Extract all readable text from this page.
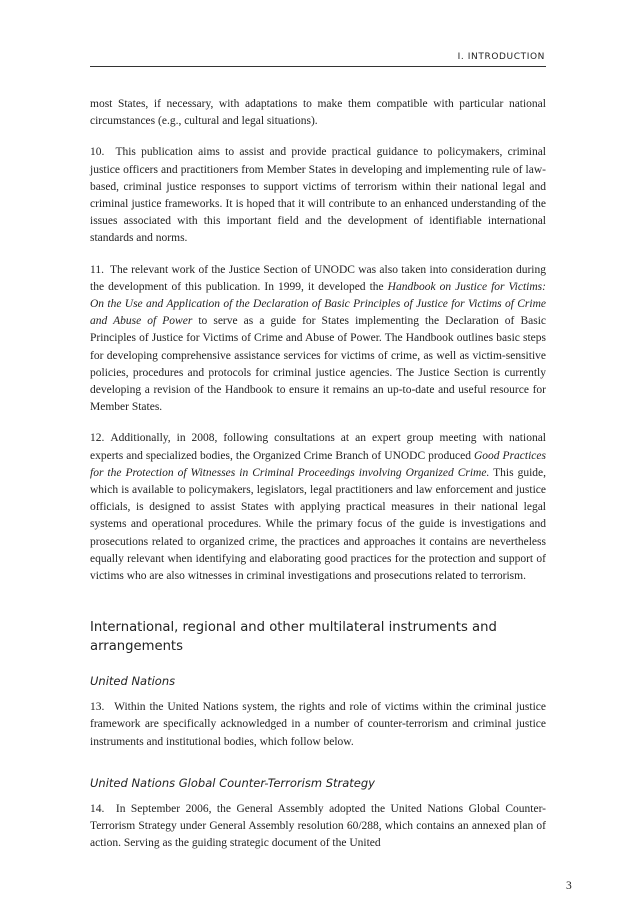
I. INTRODUCTION

most States, if necessary, with adaptations to make them compatible with particular national circumstances (e.g., cultural and legal situations).

10. This publication aims to assist and provide practical guidance to policymakers, criminal justice officers and practitioners from Member States in developing and implementing rule of law-based, criminal justice responses to support victims of terrorism within their national legal and criminal justice frameworks. It is hoped that it will contribute to an enhanced understanding of the issues associated with this important field and the development of identifiable international standards and norms.

11. The relevant work of the Justice Section of UNODC was also taken into consideration during the development of this publication. In 1999, it developed the Handbook on Justice for Victims: On the Use and Application of the Declaration of Basic Principles of Justice for Victims of Crime and Abuse of Power to serve as a guide for States implementing the Declaration of Basic Principles of Justice for Victims of Crime and Abuse of Power. The Handbook outlines basic steps for developing comprehensive assistance services for victims of crime, as well as victim-sensitive policies, procedures and protocols for criminal justice agencies. The Justice Section is currently developing a revision of the Handbook to ensure it remains an up-to-date and useful resource for Member States.

12. Additionally, in 2008, following consultations at an expert group meeting with national experts and specialized bodies, the Organized Crime Branch of UNODC produced Good Practices for the Protection of Witnesses in Criminal Proceedings involving Organized Crime. This guide, which is available to policymakers, legislators, legal practitioners and law enforcement and justice officials, is designed to assist States with applying practical measures in their national legal systems and operational procedures. While the primary focus of the guide is investigations and prosecutions related to organized crime, the practices and approaches it contains are nevertheless equally relevant when identifying and elaborating good practices for the protection and support of victims who are also witnesses in criminal investigations and prosecutions related to terrorism.

International, regional and other multilateral instruments and arrangements
United Nations

13. Within the United Nations system, the rights and role of victims within the criminal justice framework are specifically acknowledged in a number of counter-terrorism and criminal justice instruments and institutional bodies, which follow below.

United Nations Global Counter-Terrorism Strategy

14. In September 2006, the General Assembly adopted the United Nations Global Counter-Terrorism Strategy under General Assembly resolution 60/288, which contains an annexed plan of action. Serving as the guiding strategic document of the United

3
